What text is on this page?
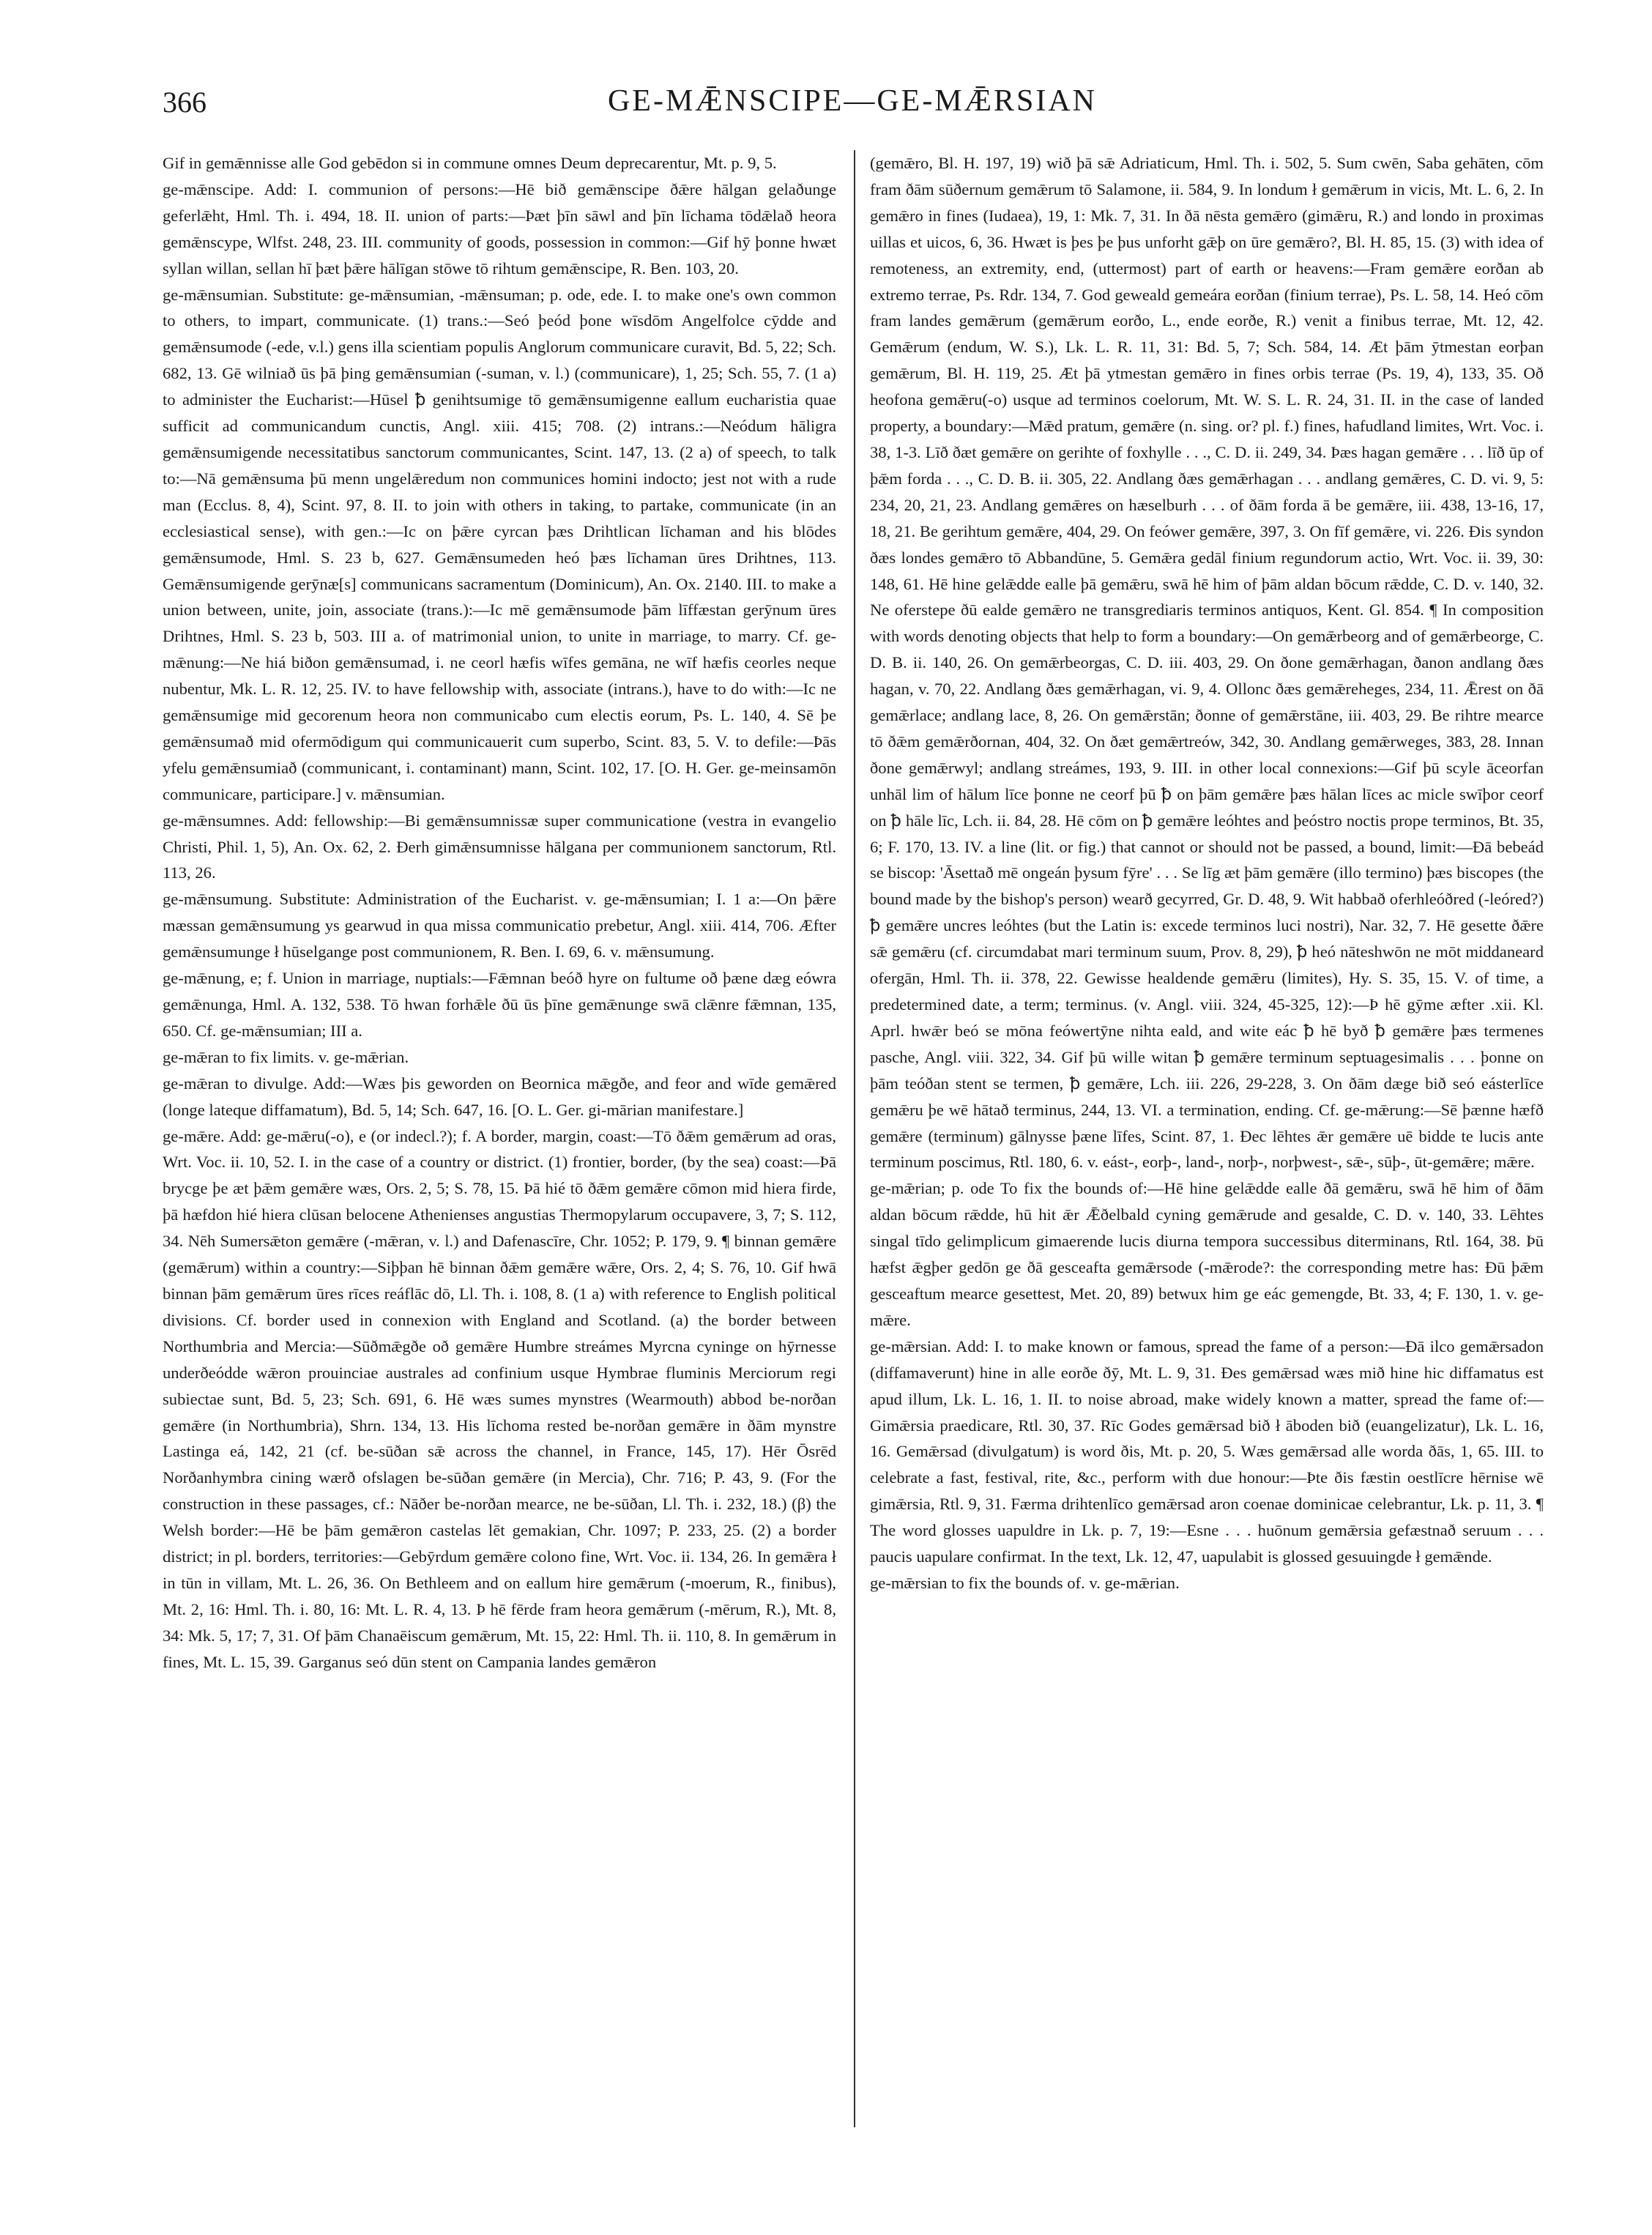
366	GE-MǢNSCIPE—GE-MǢRSIAN

Gif in gemǣnnisse alle God gebēdon si in commune omnes Deum deprecarentur, Mt. p. 9, 5.

ge-mǣnscipe. Add: I. communion of persons:—Hē bið gemǣnscipe ðǣre hālgan gelaðunge geferlǣht, Hml. Th. i. 494, 18. II. union of parts:—Þæt þīn sāwl and þīn līchama tōdǣlað heora gemǣnscype, Wlfst. 248, 23. III. community of goods, possession in common:—Gif hȳ þonne hwæt syllan willan, sellan hī þæt þǣre hālīgan stōwe tō rihtum gemǣnscipe, R. Ben. 103, 20.

ge-mǣnsumian. Substitute: ge-mǣnsumian, -mǣnsuman; p. ode, ede. I. to make one's own common to others, to impart, communicate. (1) trans.:—Seó þeód þone wīsdōm Angelfolce cȳdde and gemǣnsumode (-ede, v.l.) gens illa scientiam populis Anglorum communicare curavit, Bd. 5, 22; Sch. 682, 13. Gē wilniað ūs þā þing gemǣnsumian (-suman, v. l.) (communicare), 1, 25; Sch. 55, 7. (1 a) to administer the Eucharist:—Hūsel ꝥ genihtsumige tō gemǣnsumigenne eallum eucharistia quae sufficit ad communicandum cunctis, Angl. xiii. 415; 708. (2) intrans.:—Neódum hāligra gemǣnsumigende necessitatibus sanctorum communicantes, Scint. 147, 13. (2 a) of speech, to talk to:—Nā gemǣnsuma þū menn ungelǣredum non communices homini indocto; jest not with a rude man (Ecclus. 8, 4), Scint. 97, 8. II. to join with others in taking, to partake, communicate (in an ecclesiastical sense), with gen.:—Ic on þǣre cyrcan þæs Drihtlican līchaman and his blōdes gemǣnsumode, Hml. S. 23 b, 627. Gemǣnsumeden heó þæs līchaman ūres Drihtnes, 113. Gemǣnsumigende gerȳnæ[s] communicans sacramentum (Dominicum), An. Ox. 2140. III. to make a union between, unite, join, associate (trans.):—Ic mē gemǣnsumode þām līffæstan gerȳnum ūres Drihtnes, Hml. S. 23 b, 503. III a. of matrimonial union, to unite in marriage, to marry. Cf. ge-mǣnung:—Ne hiá biðon gemǣnsumad, i. ne ceorl hæfis wīfes gemāna, ne wīf hæfis ceorles neque nubentur, Mk. L. R. 12, 25. IV. to have fellowship with, associate (intrans.), have to do with:—Ic ne gemǣnsumige mid gecorenum heora non communicabo cum electis eorum, Ps. L. 140, 4. Sē þe gemǣnsumað mid ofermōdigum qui communicauerit cum superbo, Scint. 83, 5. V. to defile:—Þās yfelu gemǣnsumiað (communicant, i. contaminant) mann, Scint. 102, 17. [O. H. Ger. ge-meinsamōn communicare, participare.] v. mǣnsumian.

ge-mǣnsumnes. Add: fellowship:—Bi gemǣnsumnissæ super communicatione (vestra in evangelio Christi, Phil. 1, 5), An. Ox. 62, 2. Ðerh gimǣnsumnisse hālgana per communionem sanctorum, Rtl. 113, 26.

ge-mǣnsumung. Substitute: Administration of the Eucharist. v. ge-mǣnsumian; I. 1 a:—On þǣre mæssan gemǣnsumung ys gearwud in qua missa communicatio prebetur, Angl. xiii. 414, 706. Æfter gemǣnsumunge ł hūselgange post communionem, R. Ben. I. 69, 6. v. mǣnsumung.

ge-mǣnung, e; f. Union in marriage, nuptials:—Fǣmnan beóð hyre on fultume oð þæne dæg eówra gemǣnunga, Hml. A. 132, 538. Tō hwan forhǣle ðū ūs þīne gemǣnunge swā clǣnre fǣmnan, 135, 650. Cf. ge-mǣnsumian; III a.

ge-mǣran to fix limits. v. ge-mǣrian.

ge-mǣran to divulge. Add:—Wæs þis geworden on Beornica mǣgðe, and feor and wīde gemǣred (longe lateque diffamatum), Bd. 5, 14; Sch. 647, 16. [O. L. Ger. gi-mārian manifestare.]

ge-mǣre. Add: ge-mǣru(-o), e (or indecl.?); f. A border, margin, coast:—Tō ðǣm gemǣrum ad oras, Wrt. Voc. ii. 10, 52. I. in the case of a country or district. (1) frontier, border, (by the sea) coast:—Þā brycge þe æt þǣm gemǣre wæs, Ors. 2, 5; S. 78, 15. Þā hié tō ðǣm gemǣre cōmon mid hiera firde, þā hæfdon hié hiera clūsan belocene Athenienses angustias Thermopylarum occupavere, 3, 7; S. 112, 34. Nēh Sumersǣton gemǣre (-mǣran, v. l.) and Dafenascīre, Chr. 1052; P. 179, 9. ¶ binnan gemǣre (gemǣrum) within a country:—Siþþan hē binnan ðǣm gemǣre wǣre, Ors. 2, 4; S. 76, 10. Gif hwā binnan þām gemǣrum ūres rīces reáflāc dō, Ll. Th. i. 108, 8. (1 a) with reference to English political divisions. Cf. border used in connexion with England and Scotland. (a) the border between Northumbria and Mercia:—Sūðmǣgðe oð gemǣre Humbre streámes Myrcna cyninge on hȳrnesse underðeódde wǣron prouinciae australes ad confinium usque Hymbrae fluminis Merciorum regi subiectae sunt, Bd. 5, 23; Sch. 691, 6. Hē wæs sumes mynstres (Wearmouth) abbod be-norðan gemǣre (in Northumbria), Shrn. 134, 13. His līchoma rested be-norðan gemǣre in ðām mynstre Lastinga eá, 142, 21 (cf. be-sūðan sǣ across the channel, in France, 145, 17). Hēr Ōsrēd Norðanhymbra cining wærð ofslagen be-sūðan gemǣre (in Mercia), Chr. 716; P. 43, 9. (For the construction in these passages, cf.: Nāðer be-norðan mearce, ne be-sūðan, Ll. Th. i. 232, 18.) (β) the Welsh border:—Hē be þām gemǣron castelas lēt gemakian, Chr. 1097; P. 233, 25. (2) a border district; in pl. borders, territories:—Gebȳrdum gemǣre colono fine, Wrt. Voc. ii. 134, 26. In gemǣra ł in tūn in villam, Mt. L. 26, 36. On Bethleem and on eallum hire gemǣrum (-moerum, R., finibus), Mt. 2, 16: Hml. Th. i. 80, 16: Mt. L. R. 4, 13. Þ hē fērde fram heora gemǣrum (-mērum, R.), Mt. 8, 34: Mk. 5, 17; 7, 31. Of þām Chanaēiscum gemǣrum, Mt. 15, 22: Hml. Th. ii. 110, 8. In gemǣrum in fines, Mt. L. 15, 39. Garganus seó dūn stent on Campania landes gemǣron

(gemǣro, Bl. H. 197, 19) wið þā sǣ Adriaticum, Hml. Th. i. 502, 5. Sum cwēn, Saba gehāten, cōm fram ðām sūðernum gemǣrum tō Salamone, ii. 584, 9. In londum ł gemǣrum in vicis, Mt. L. 6, 2. In gemǣro in fines (Iudaea), 19, 1: Mk. 7, 31. In ðā nēsta gemǣro (gimǣru, R.) and londo in proximas uillas et uicos, 6, 36. Hwæt is þes þe þus unforht gǣþ on ūre gemǣro?, Bl. H. 85, 15. (3) with idea of remoteness, an extremity, end, (uttermost) part of earth or heavens:—Fram gemǣre eorðan ab extremo terrae, Ps. Rdr. 134, 7. God geweald gemeára eorðan (finium terrae), Ps. L. 58, 14. Heó cōm fram landes gemǣrum (gemǣrum eorðo, L., ende eorðe, R.) venit a finibus terrae, Mt. 12, 42. Gemǣrum (endum, W. S.), Lk. L. R. 11, 31: Bd. 5, 7; Sch. 584, 14. Æt þām ȳtmestan eorþan gemǣrum, Bl. H. 119, 25. Æt þā ytmestan gemǣro in fines orbis terrae (Ps. 19, 4), 133, 35. Oð heofona gemǣru(-o) usque ad terminos coelorum, Mt. W. S. L. R. 24, 31. II. in the case of landed property, a boundary:—Mǣd pratum, gemǣre (n. sing. or? pl. f.) fines, hafudland limites, Wrt. Voc. i. 38, 1-3. Līð ðæt gemǣre on gerihte of foxhylle . . ., C. D. ii. 249, 34. Þæs hagan gemǣre . . . līð ūp of þǣm forda . . ., C. D. B. ii. 305, 22. Andlang ðæs gemǣrhagan . . . andlang gemǣres, C. D. vi. 9, 5: 234, 20, 21, 23. Andlang gemǣres on hæselburh . . . of ðām forda ā be gemǣre, iii. 438, 13-16, 17, 18, 21. Be gerihtum gemǣre, 404, 29. On feówer gemǣre, 397, 3. On fīf gemǣre, vi. 226. Ðis syndon ðæs londes gemǣro tō Abbandūne, 5. Gemǣra gedāl finium regundorum actio, Wrt. Voc. ii. 39, 30: 148, 61. Hē hine gelǣdde ealle þā gemǣru, swā hē him of þām aldan bōcum rǣdde, C. D. v. 140, 32. Ne oferstepe ðū ealde gemǣro ne transgrediaris terminos antiquos, Kent. Gl. 854. ¶ In composition with words denoting objects that help to form a boundary:—On gemǣrbeorg and of gemǣrbeorge, C. D. B. ii. 140, 26. On gemǣrbeorgas, C. D. iii. 403, 29. On ðone gemǣrhagan, ðanon andlang ðæs hagan, v. 70, 22. Andlang ðæs gemǣrhagan, vi. 9, 4. Ollonc ðæs gemǣreheges, 234, 11. Ǣrest on ðā gemǣrlace; andlang lace, 8, 26. On gemǣrstān; ðonne of gemǣrstāne, iii. 403, 29. Be rihtre mearce tō ðǣm gemǣrðornan, 404, 32. On ðæt gemǣrtreów, 342, 30. Andlang gemǣrweges, 383, 28. Innan ðone gemǣrwyl; andlang streámes, 193, 9. III. in other local connexions:—Gif þū scyle āceorfan unhāl lim of hālum līce þonne ne ceorf þū ꝥ on þām gemǣre þæs hālan līces ac micle swīþor ceorf on ꝥ hāle līc, Lch. ii. 84, 28. Hē cōm on ꝥ gemǣre leóhtes and þeóstro noctis prope terminos, Bt. 35, 6; F. 170, 13. IV. a line (lit. or fig.) that cannot or should not be passed, a bound, limit:—Ðā bebeád se biscop: 'Āsettað mē ongeán þysum fȳre' . . . Se līg æt þām gemǣre (illo termino) þæs biscopes (the bound made by the bishop's person) wearð gecyrred, Gr. D. 48, 9. Wit habbað oferhleóðred (-leóred?) ꝥ gemǣre uncres leóhtes (but the Latin is: excede terminos luci nostri), Nar. 32, 7. Hē gesette ðǣre sǣ gemǣru (cf. circumdabat mari terminum suum, Prov. 8, 29), ꝥ heó nāteshwōn ne mōt middaneard ofergān, Hml. Th. ii. 378, 22. Gewisse healdende gemǣru (limites), Hy. S. 35, 15. V. of time, a predetermined date, a term; terminus. (v. Angl. viii. 324, 45-325, 12):—Þ hē gȳme æfter .xii. Kl. Aprl. hwǣr beó se mōna feówertȳne nihta eald, and wite eác ꝥ hē byð ꝥ gemǣre þæs termenes pasche, Angl. viii. 322, 34. Gif þū wille witan ꝥ gemǣre terminum septuagesimalis . . . þonne on þām teóðan stent se termen, ꝥ gemǣre, Lch. iii. 226, 29-228, 3. On ðām dæge bið seó eásterlīce gemǣru þe wē hātað terminus, 244, 13. VI. a termination, ending. Cf. ge-mǣrung:—Sē þænne hæfð gemǣre (terminum) gālnysse þæne līfes, Scint. 87, 1. Ðec lēhtes ǣr gemǣre uē bidde te lucis ante terminum poscimus, Rtl. 180, 6. v. eást-, eorþ-, land-, norþ-, norþwest-, sǣ-, sūþ-, ūt-gemǣre; mǣre.

ge-mǣrian; p. ode To fix the bounds of:—Hē hine gelǣdde ealle ðā gemǣru, swā hē him of ðām aldan bōcum rǣdde, hū hit ǣr Ǣðelbald cyning gemǣrude and gesalde, C. D. v. 140, 33. Lēhtes singal tīdo gelimplicum gimaerende lucis diurna tempora successibus diterminans, Rtl. 164, 38. Þū hæfst ǣgþer gedōn ge ðā gesceafta gemǣrsode (-mǣrode?: the corresponding metre has: Ðū þǣm gesceaftum mearce gesettest, Met. 20, 89) betwux him ge eác gemengde, Bt. 33, 4; F. 130, 1. v. ge-mǣre.

ge-mǣrsian. Add: I. to make known or famous, spread the fame of a person:—Ðā ilco gemǣrsadon (diffamaverunt) hine in alle eorðe ðȳ, Mt. L. 9, 31. Ðes gemǣrsad wæs mið hine hic diffamatus est apud illum, Lk. L. 16, 1. II. to noise abroad, make widely known a matter, spread the fame of:—Gimǣrsia praedicare, Rtl. 30, 37. Rīc Godes gemǣrsad bið ł āboden bið (euangelizatur), Lk. L. 16, 16. Gemǣrsad (divulgatum) is word ðis, Mt. p. 20, 5. Wæs gemǣrsad alle worda ðās, 1, 65. III. to celebrate a fast, festival, rite, &c., perform with due honour:—Þte ðis fæstin oestlīcre hērnise wē gimǣrsia, Rtl. 9, 31. Færma drihtenlīco gemǣrsad aron coenae dominicae celebrantur, Lk. p. 11, 3. ¶ The word glosses uapuldre in Lk. p. 7, 19:—Esne . . . huōnum gemǣrsia gefæstnað seruum . . . paucis uapulare confirmat. In the text, Lk. 12, 47, uapulabit is glossed gesuuingde ł gemǣnde.

ge-mǣrsian to fix the bounds of. v. ge-mǣrian.
